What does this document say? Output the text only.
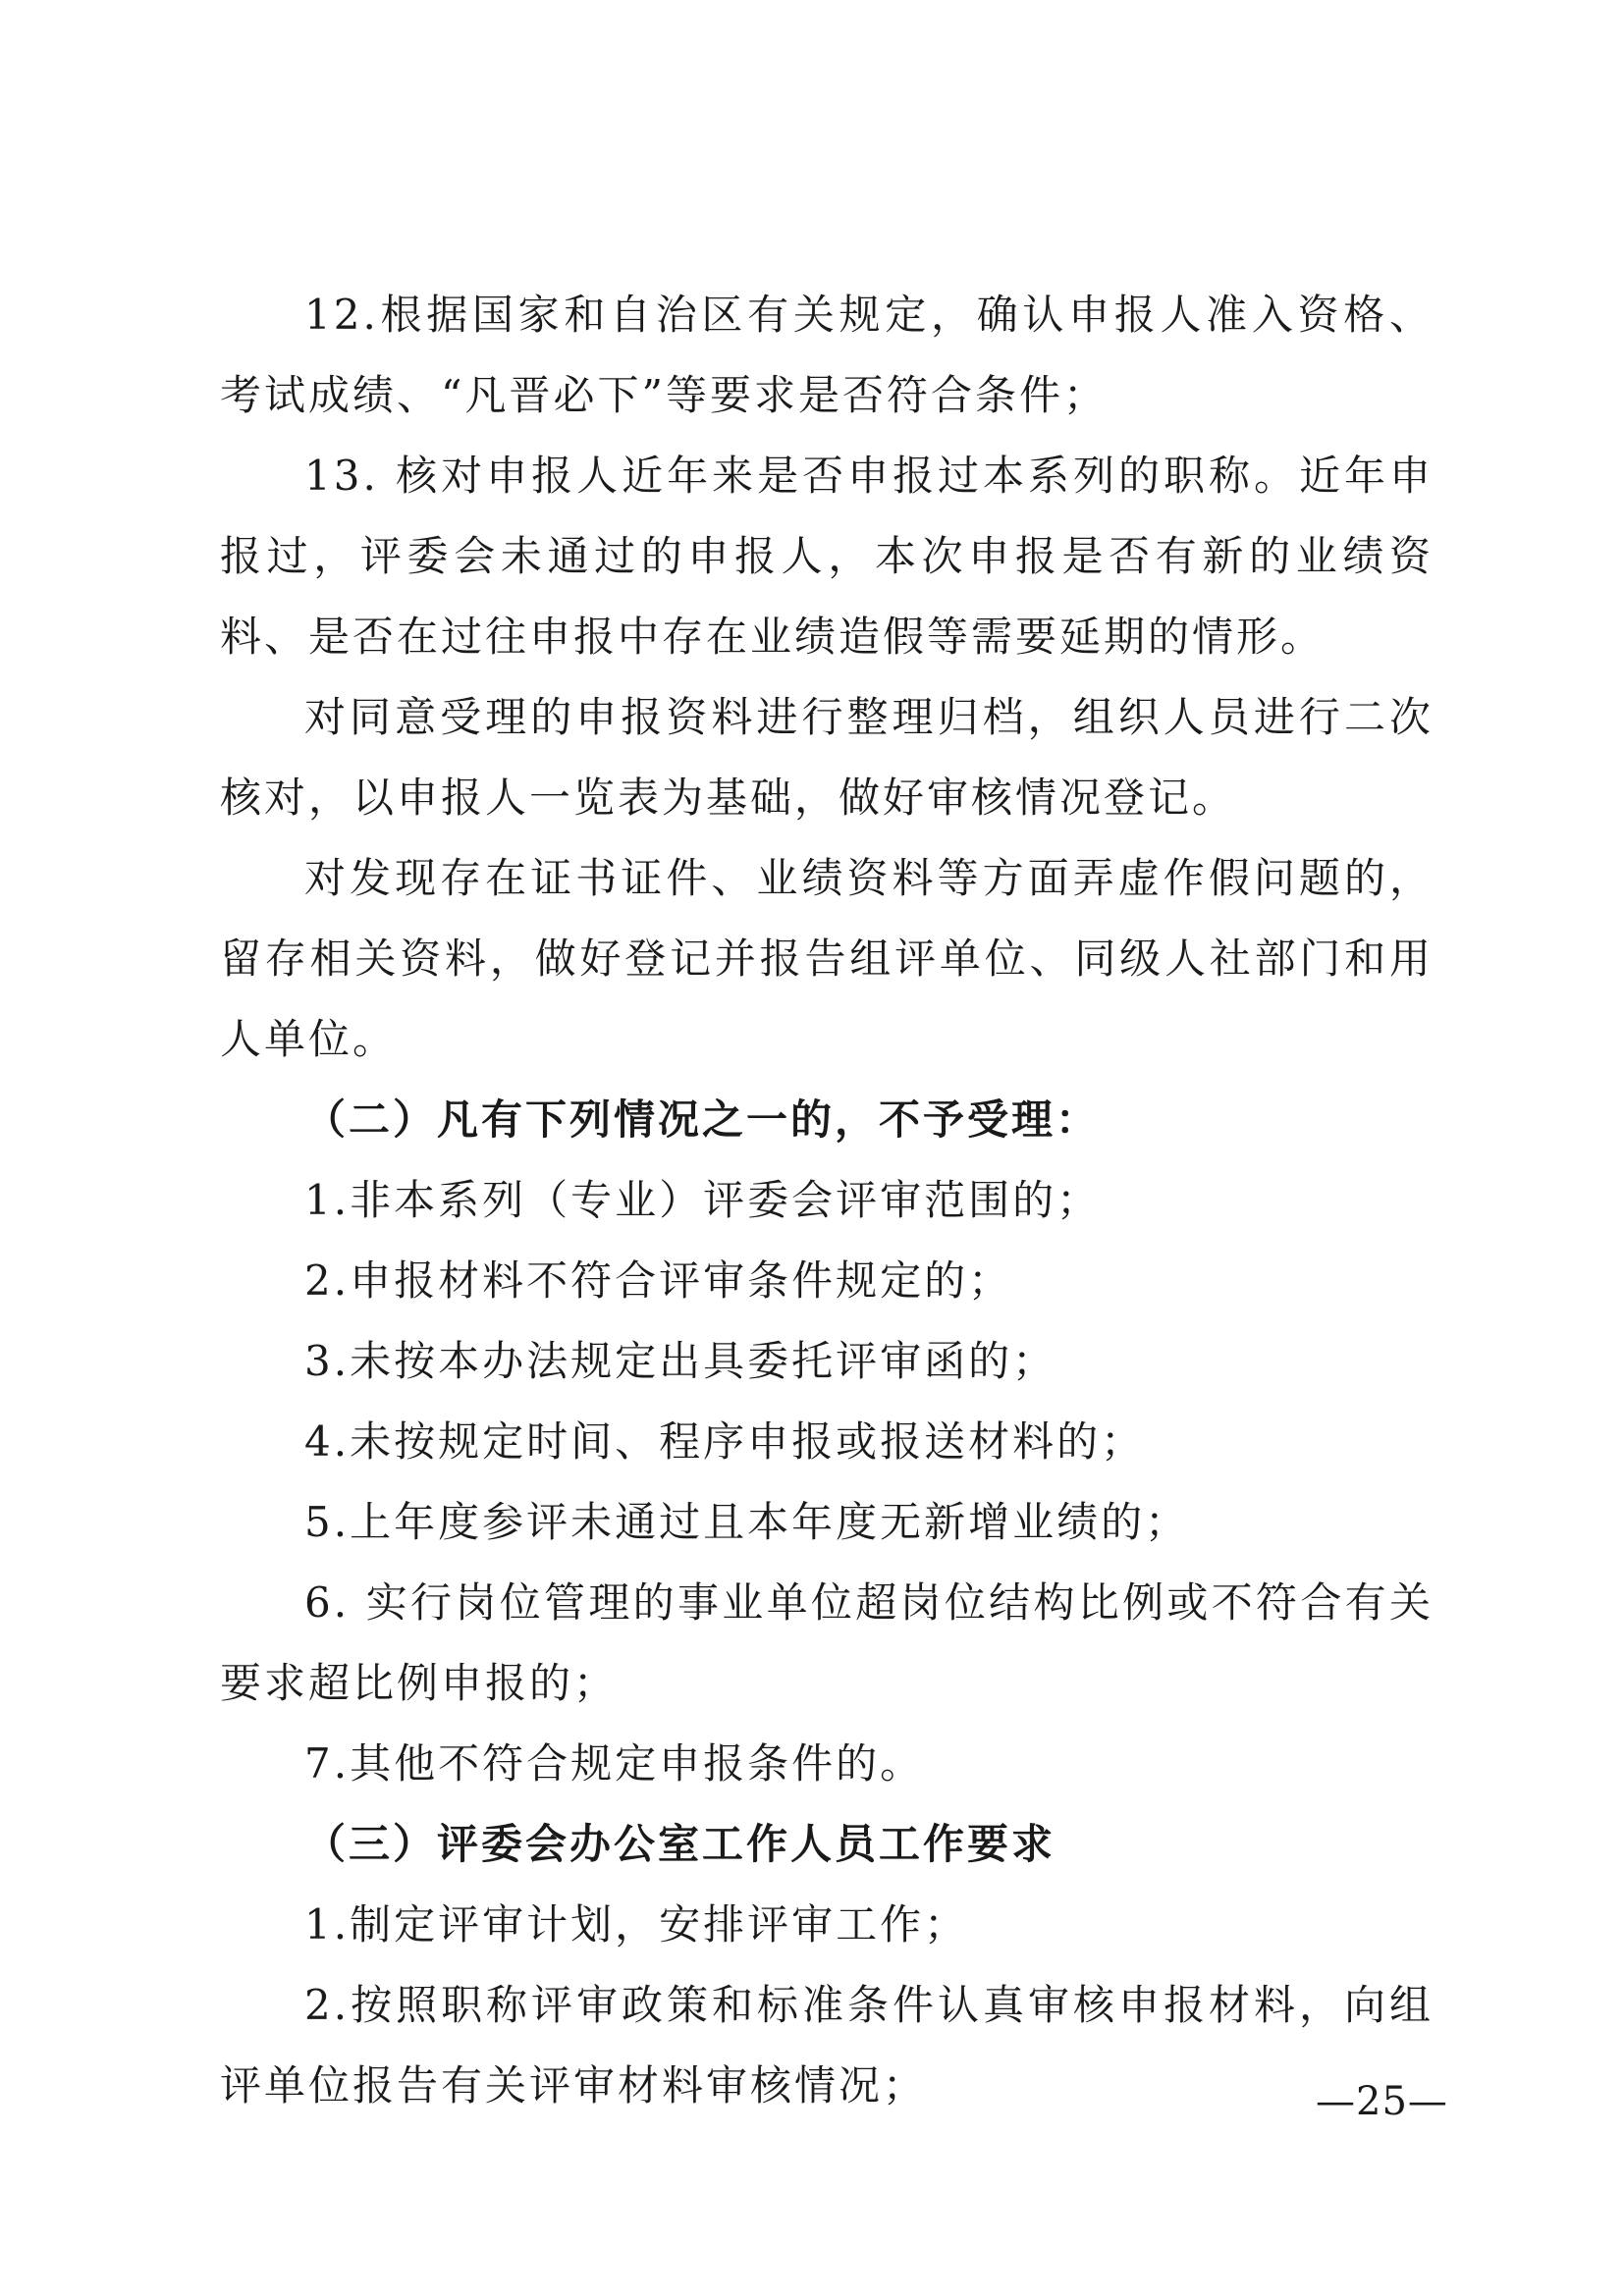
12.根据国家和自治区有关规定，确认申报人准入资格、考试成绩、“凡晋必下”等要求是否符合条件；

13. 核对申报人近年来是否申报过本系列的职称。近年申报过，评委会未通过的申报人，本次申报是否有新的业绩资料、是否在过往申报中存在业绩造假等需要延期的情形。

对同意受理的申报资料进行整理归档，组织人员进行二次核对，以申报人一览表为基础，做好审核情况登记。

对发现存在证书证件、业绩资料等方面弄虚作假问题的，留存相关资料，做好登记并报告组评单位、同级人社部门和用人单位。

（二）凡有下列情况之一的，不予受理：

1.非本系列（专业）评委会评审范围的；

2.申报材料不符合评审条件规定的；

3.未按本办法规定出具委托评审函的；

4.未按规定时间、程序申报或报送材料的；

5.上年度参评未通过且本年度无新增业绩的；

6. 实行岗位管理的事业单位超岗位结构比例或不符合有关要求超比例申报的；

7.其他不符合规定申报条件的。

（三）评委会办公室工作人员工作要求

1.制定评审计划，安排评审工作；

2.按照职称评审政策和标准条件认真审核申报材料，向组评单位报告有关评审材料审核情况；	—25—
